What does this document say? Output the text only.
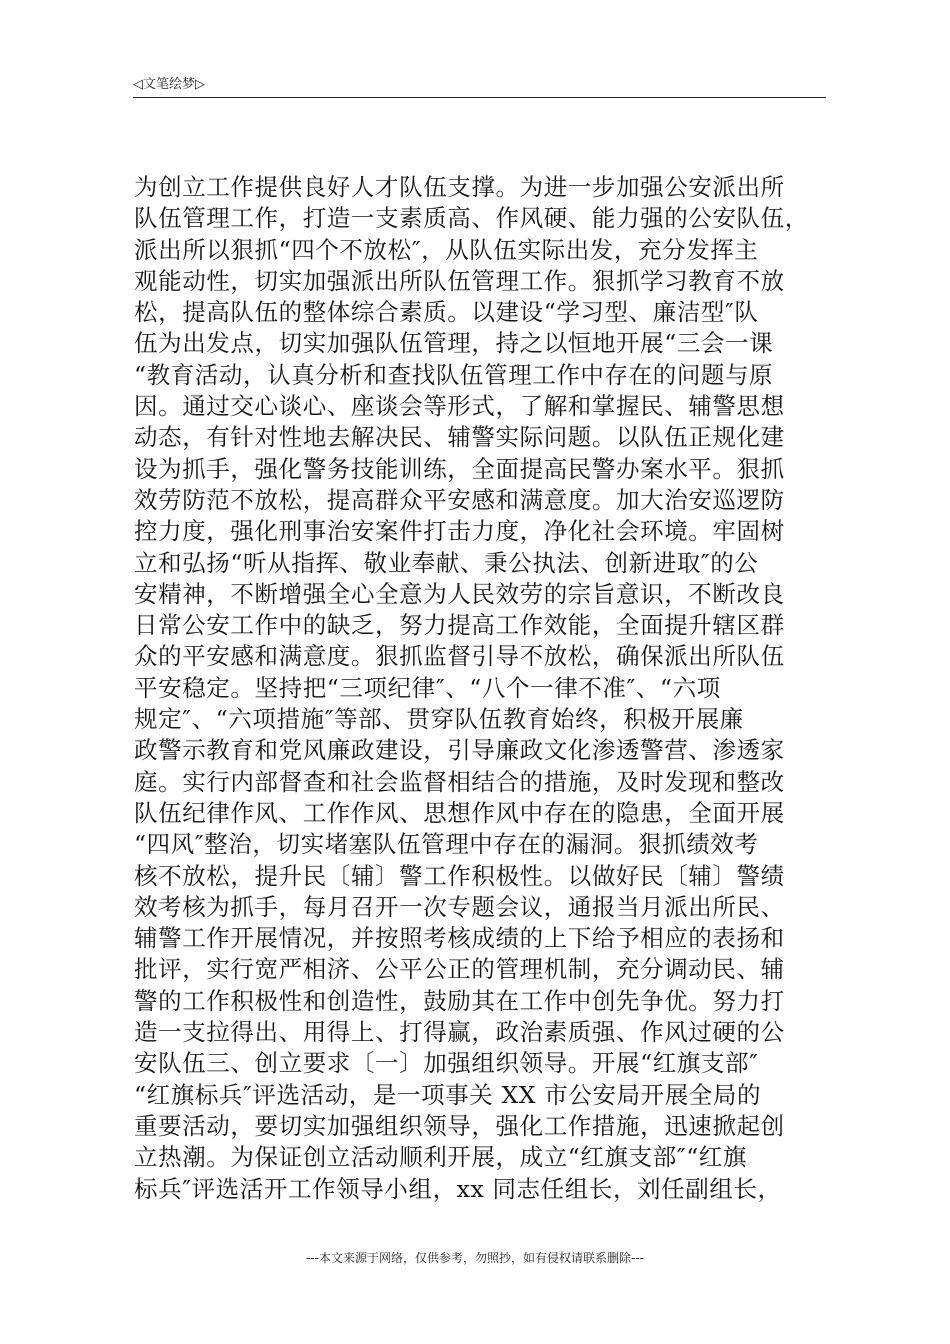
◁文笔绘梦▷
为创立工作提供良好人才队伍支撑。为进一步加强公安派出所
队伍管理工作，打造一支素质高、作风硬、能力强的公安队伍，
派出所以狠抓“四个不放松″，从队伍实际出发，充分发挥主
观能动性，切实加强派出所队伍管理工作。狠抓学习教育不放
松，提高队伍的整体综合素质。以建设“学习型、廉洁型″队
伍为出发点，切实加强队伍管理，持之以恒地开展“三会一课
“教育活动，认真分析和查找队伍管理工作中存在的问题与原
因。通过交心谈心、座谈会等形式，了解和掌握民、辅警思想
动态，有针对性地去解决民、辅警实际问题。以队伍正规化建
设为抓手，强化警务技能训练，全面提高民警办案水平。狠抓
效劳防范不放松，提高群众平安感和满意度。加大治安巡逻防
控力度，强化刑事治安案件打击力度，净化社会环境。牢固树
立和弘扬“听从指挥、敬业奉献、秉公执法、创新进取″的公
安精神，不断增强全心全意为人民效劳的宗旨意识，不断改良
日常公安工作中的缺乏，努力提高工作效能，全面提升辖区群
众的平安感和满意度。狠抓监督引导不放松，确保派出所队伍
平安稳定。坚持把“三项纪律″、“八个一律不准″、“六项
规定″、“六项措施″等部、贯穿队伍教育始终，积极开展廉
政警示教育和党风廉政建设，引导廉政文化渗透警营、渗透家
庭。实行内部督查和社会监督相结合的措施，及时发现和整改
队伍纪律作风、工作作风、思想作风中存在的隐患，全面开展
“四风″整治，切实堵塞队伍管理中存在的漏洞。狠抓绩效考
核不放松，提升民〔辅〕警工作积极性。以做好民〔辅〕警绩
效考核为抓手，每月召开一次专题会议，通报当月派出所民、
辅警工作开展情况，并按照考核成绩的上下给予相应的表扬和
批评，实行宽严相济、公平公正的管理机制，充分调动民、辅
警的工作积极性和创造性，鼓励其在工作中创先争优。努力打
造一支拉得出、用得上、打得赢，政治素质强、作风过硬的公
安队伍三、创立要求〔一〕加强组织领导。开展“红旗支部″
“红旗标兵″评选活动，是一项事关 XX 市公安局开展全局的
重要活动，要切实加强组织领导，强化工作措施，迅速掀起创
立热潮。为保证创立活动顺利开展，成立“红旗支部″“红旗
标兵″评选活开工作领导小组，xx 同志任组长，刘任副组长，
---本文来源于网络，仅供参考，勿照抄，如有侵权请联系删除---
